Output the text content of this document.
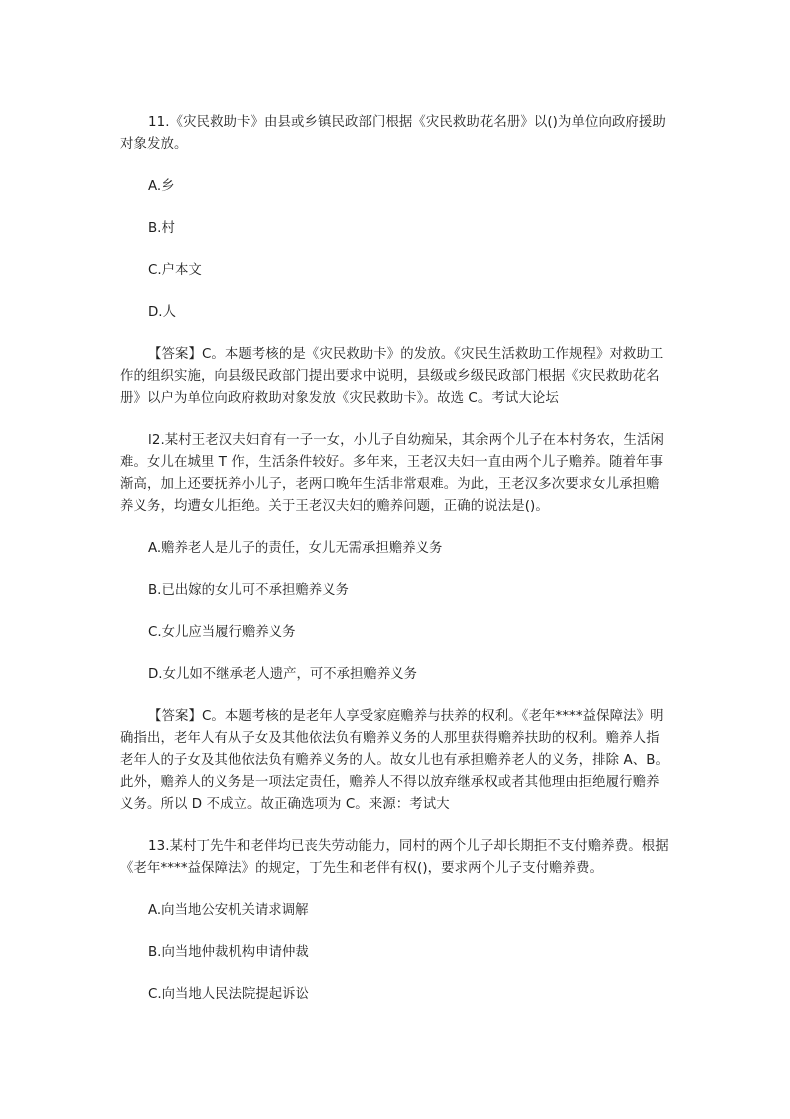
11.《灾民救助卡》由县或乡镇民政部门根据《灾民救助花名册》以()为单位向政府援助对象发放。

A.乡

B.村

C.户本文

D.人

【答案】C。本题考核的是《灾民救助卡》的发放。《灾民生活救助工作规程》对救助工作的组织实施，向县级民政部门提出要求中说明，县级或乡级民政部门根据《灾民救助花名册》以户为单位向政府救助对象发放《灾民救助卡》。故选 C。考试大论坛

l2.某村王老汉夫妇育有一子一女，小儿子自幼痴呆，其余两个儿子在本村务农，生活闲难。女儿在城里 T 作，生活条件较好。多年来，王老汉夫妇一直由两个儿子赡养。随着年事渐高，加上还要抚养小儿子，老两口晚年生活非常艰难。为此，王老汉多次要求女儿承担赡养义务，均遭女儿拒绝。关于王老汉夫妇的赡养问题，正确的说法是()。

A.赡养老人是儿子的责任，女儿无需承担赡养义务

B.已出嫁的女儿可不承担赡养义务

C.女儿应当履行赡养义务

D.女儿如不继承老人遗产，可不承担赡养义务

【答案】C。本题考核的是老年人享受家庭赡养与扶养的权利。《老年****益保障法》明确指出，老年人有从子女及其他依法负有赡养义务的人那里获得赡养扶助的权利。赡养人指老年人的子女及其他依法负有赡养义务的人。故女儿也有承担赡养老人的义务，排除 A、B。此外，赡养人的义务是一项法定责任，赡养人不得以放弃继承权或者其他理由拒绝履行赡养义务。所以 D 不成立。故正确选项为 C。来源：考试大

13.某村丁先牛和老伴均已丧失劳动能力，同村的两个儿子却长期拒不支付赡养费。根据《老年****益保障法》的规定，丁先生和老伴有权()，要求两个儿子支付赡养费。

A.向当地公安机关请求调解

B.向当地仲裁机构申请仲裁

C.向当地人民法院提起诉讼
